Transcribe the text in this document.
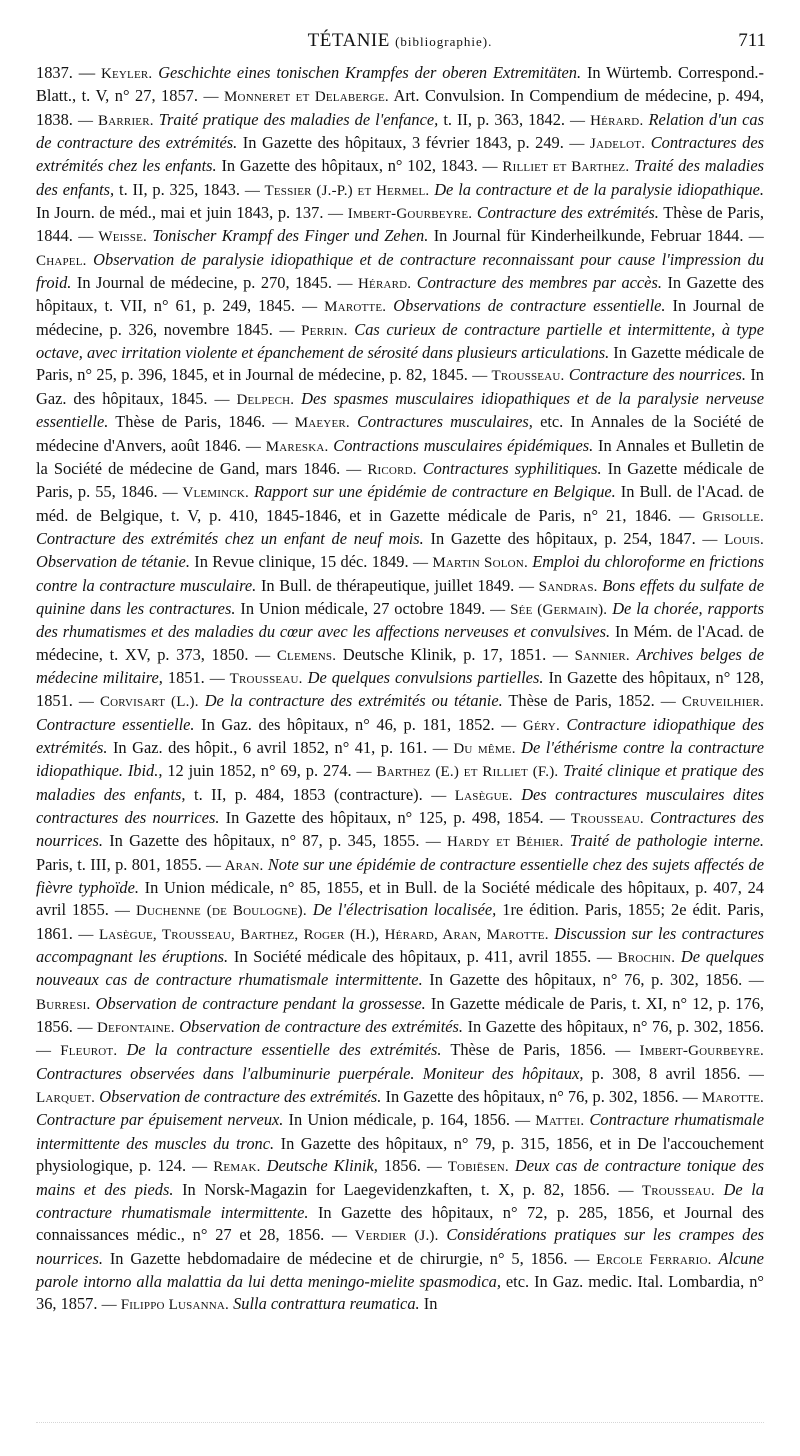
TÉTANIE (bibliographie).	711
1837. — Keyler. Geschichte eines tonischen Krampfes der oberen Extremitäten. In Würtemb. Correspond.-Blatt., t. V, n° 27, 1857. — Monneret et Delaberge. Art. Convulsion. In Compendium de médecine, p. 494, 1838. — Barrier. Traité pratique des maladies de l'enfance, t. II, p. 363, 1842. — Hérard. Relation d'un cas de contracture des extrémités. In Gazette des hôpitaux, 3 février 1843, p. 249. — Jadelot. Contractures des extrémités chez les enfants. In Gazette des hôpitaux, n° 102, 1843. — Rilliet et Barthez. Traité des maladies des enfants, t. II, p. 325, 1843. — Tessier (J.-P.) et Hermel. De la contracture et de la paralysie idiopathique. In Journ. de méd., mai et juin 1843, p. 137. — Imbert-Gourbeyre. Contracture des extrémités. Thèse de Paris, 1844. — Weisse. Tonischer Krampf des Finger und Zehen. In Journal für Kinderheilkunde, Februar 1844. — Chapel. Observation de paralysie idiopathique et de contracture reconnaissant pour cause l'impression du froid. In Journal de médecine, p. 270, 1845. — Hérard. Contracture des membres par accès. In Gazette des hôpitaux, t. VII, n° 61, p. 249, 1845. — Marotte. Observations de contracture essentielle. In Journal de médecine, p. 326, novembre 1845. — Perrin. Cas curieux de contracture partielle et intermittente, à type octave, avec irritation violente et épanchement de sérosité dans plusieurs articulations. In Gazette médicale de Paris, n° 25, p. 396, 1845, et in Journal de médecine, p. 82, 1845. — Trousseau. Contracture des nourrices. In Gaz. des hôpitaux, 1845. — Delpech. Des spasmes musculaires idiopathiques et de la paralysie nerveuse essentielle. Thèse de Paris, 1846. — Maeyer. Contractures musculaires, etc. In Annales de la Société de médecine d'Anvers, août 1846. — Mareska. Contractions musculaires épidémiques. In Annales et Bulletin de la Société de médecine de Gand, mars 1846. — Ricord. Contractures syphilitiques. In Gazette médicale de Paris, p. 55, 1846. — Vleminck. Rapport sur une épidémie de contracture en Belgique. In Bull. de l'Acad. de méd. de Belgique, t. V, p. 410, 1845-1846, et in Gazette médicale de Paris, n° 21, 1846. — Grisolle. Contracture des extrémités chez un enfant de neuf mois. In Gazette des hôpitaux, p. 254, 1847. — Louis. Observation de tétanie. In Revue clinique, 15 déc. 1849. — Martin Solon. Emploi du chloroforme en frictions contre la contracture musculaire. In Bull. de thérapeutique, juillet 1849. — Sandras. Bons effets du sulfate de quinine dans les contractures. In Union médicale, 27 octobre 1849. — Sée (Germain). De la chorée, rapports des rhumatismes et des maladies du cœur avec les affections nerveuses et convulsives. In Mém. de l'Acad. de médecine, t. XV, p. 373, 1850. — Clemens. Deutsche Klinik, p. 17, 1851. — Sannier. Archives belges de médecine militaire, 1851. — Trousseau. De quelques convulsions partielles. In Gazette des hôpitaux, n° 128, 1851. — Corvisart (L.). De la contracture des extrémités ou tétanie. Thèse de Paris, 1852. — Cruveilhier. Contracture essentielle. In Gaz. des hôpitaux, n° 46, p. 181, 1852. — Géry. Contracture idiopathique des extrémités. In Gaz. des hôpit., 6 avril 1852, n° 41, p. 161. — Du même. De l'éthérisme contre la contracture idiopathique. Ibid., 12 juin 1852, n° 69, p. 274. — Barthez (E.) et Rilliet (F.). Traité clinique et pratique des maladies des enfants, t. II, p. 484, 1853 (contracture). — Lasègue. Des contractures musculaires dites contractures des nourrices. In Gazette des hôpitaux, n° 125, p. 498, 1854. — Trousseau. Contractures des nourrices. In Gazette des hôpitaux, n° 87, p. 345, 1855. — Hardy et Béhier. Traité de pathologie interne. Paris, t. III, p. 801, 1855. — Aran. Note sur une épidémie de contracture essentielle chez des sujets affectés de fièvre typhoïde. In Union médicale, n° 85, 1855, et in Bull. de la Société médicale des hôpitaux, p. 407, 24 avril 1855. — Duchenne (de Boulogne). De l'électrisation localisée, 1re édition. Paris, 1855; 2e édit. Paris, 1861. — Lasègue, Trousseau, Barthez, Roger (H.), Hérard, Aran, Marotte. Discussion sur les contractures accompagnant les éruptions. In Société médicale des hôpitaux, p. 411, avril 1855. — Brochin. De quelques nouveaux cas de contracture rhumatismale intermittente. In Gazette des hôpitaux, n° 76, p. 302, 1856. — Burresi. Observation de contracture pendant la grossesse. In Gazette médicale de Paris, t. XI, n° 12, p. 176, 1856. — Defontaine. Observation de contracture des extrémités. In Gazette des hôpitaux, n° 76, p. 302, 1856. — Fleurot. De la contracture essentielle des extrémités. Thèse de Paris, 1856. — Imbert-Gourbeyre. Contractures observées dans l'albuminurie puerpérale. Moniteur des hôpitaux, p. 308, 8 avril 1856. — Larquet. Observation de contracture des extrémités. In Gazette des hôpitaux, n° 76, p. 302, 1856. — Marotte. Contracture par épuisement nerveux. In Union médicale, p. 164, 1856. — Mattei. Contracture rhumatismale intermittente des muscles du tronc. In Gazette des hôpitaux, n° 79, p. 315, 1856, et in De l'accouchement physiologique, p. 124. — Remak. Deutsche Klinik, 1856. — Tobiësen. Deux cas de contracture tonique des mains et des pieds. In Norsk-Magazin for Laegevidenzkaften, t. X, p. 82, 1856. — Trousseau. De la contracture rhumatismale intermittente. In Gazette des hôpitaux, n° 72, p. 285, 1856, et Journal des connaissances médic., n° 27 et 28, 1856. — Verdier (J.). Considérations pratiques sur les crampes des nourrices. In Gazette hebdomadaire de médecine et de chirurgie, n° 5, 1856. — Ercole Ferrario. Alcune parole intorno alla malattia da lui detta meningo-mielite spasmodica, etc. In Gaz. medic. Ital. Lombardia, n° 36, 1857. — Filippo Lusanna. Sulla contrattura reumatica. In
